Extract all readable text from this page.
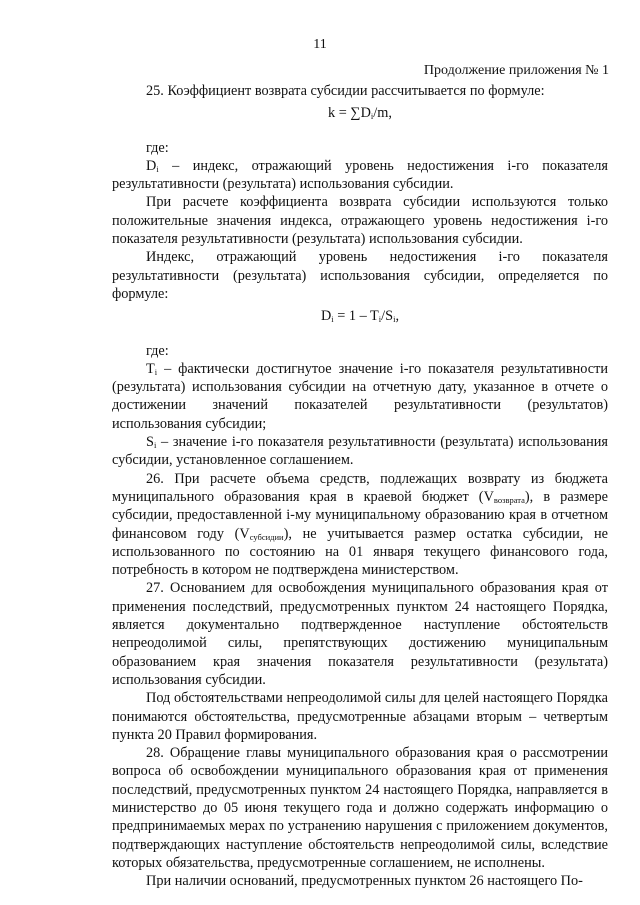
11
Продолжение приложения № 1

25. Коэффициент возврата субсидии рассчитывается по формуле:

$k = \sum D_i/m$,

где:

$D_i$ – индекс, отражающий уровень недостижения i-го показателя результативности (результата) использования субсидии.

При расчете коэффициента возврата субсидии используются только положительные значения индекса, отражающего уровень недостижения i-го показателя результативности (результата) использования субсидии.

Индекс, отражающий уровень недостижения i-го показателя результативности (результата) использования субсидии, определяется по формуле:

$D_i = 1 - T_i/S_i$,

где:

$T_i$ – фактически достигнутое значение i-го показателя результативности (результата) использования субсидии на отчетную дату, указанное в отчете о достижении значений показателей результативности (результатов) использования субсидии;

$S_i$ – значение i-го показателя результативности (результата) использования субсидии, установленное соглашением.

26. При расчете объема средств, подлежащих возврату из бюджета муниципального образования края в краевой бюджет $(V_{возврата})$, в размере субсидии, предоставленной i-му муниципальному образованию края в отчетном финансовом году $(V_{субсидии})$, не учитывается размер остатка субсидии, не использованного по состоянию на 01 января текущего финансового года, потребность в котором не подтверждена министерством.

27. Основанием для освобождения муниципального образования края от применения последствий, предусмотренных пунктом 24 настоящего Порядка, является документально подтвержденное наступление обстоятельств непреодолимой силы, препятствующих достижению муниципальным образованием края значения показателя результативности (результата) использования субсидии.

Под обстоятельствами непреодолимой силы для целей настоящего Порядка понимаются обстоятельства, предусмотренные абзацами вторым – четвертым пункта 20 Правил формирования.

28. Обращение главы муниципального образования края о рассмотрении вопроса об освобождении муниципального образования края от применения последствий, предусмотренных пунктом 24 настоящего Порядка, направляется в министерство до 05 июня текущего года и должно содержать информацию о предпринимаемых мерах по устранению нарушения с приложением документов, подтверждающих наступление обстоятельств непреодолимой силы, вследствие которых обязательства, предусмотренные соглашением, не исполнены.

При наличии оснований, предусмотренных пунктом 26 настоящего По-
